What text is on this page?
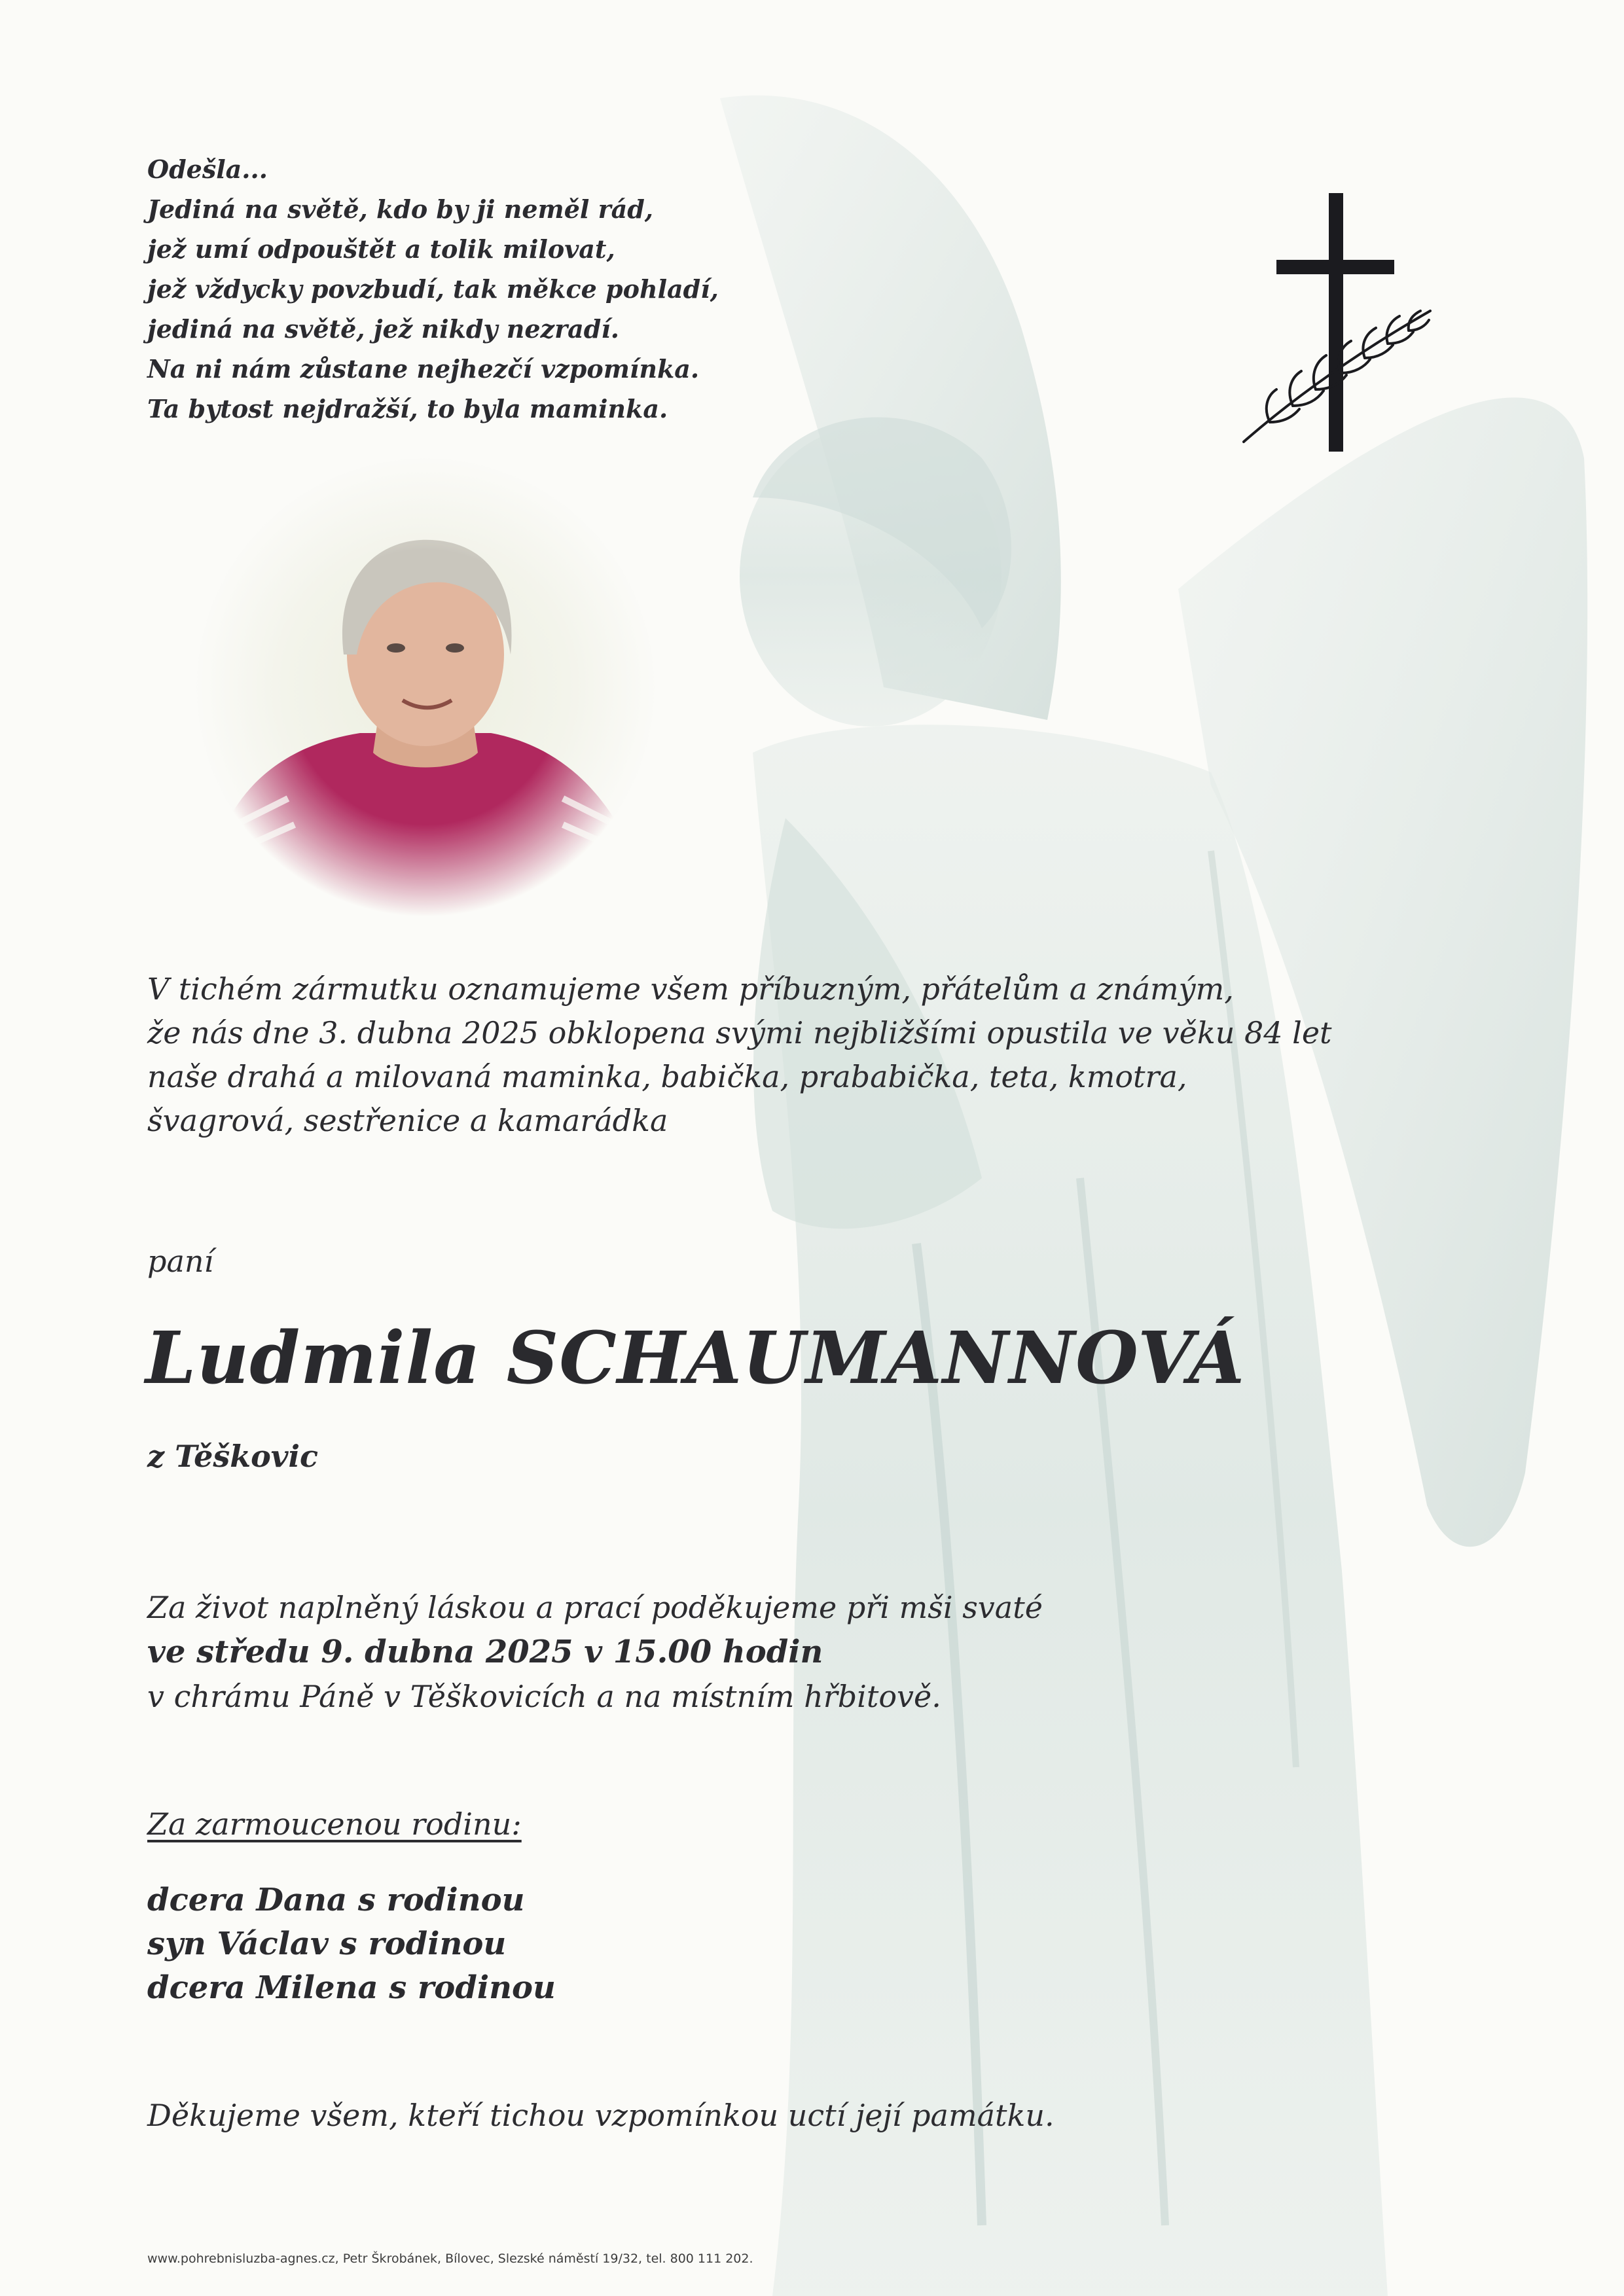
Odešla...
Jediná na světě, kdo by ji neměl rád,
jež umí odpouštět a tolik milovat,
jež vždycky povzbudí, tak měkce pohladí,
jediná na světě, jež nikdy nezradí.
Na ni nám zůstane nejhezčí vzpomínka.
Ta bytost nejdražší, to byla maminka.
V tichém zármutku oznamujeme všem příbuzným, přátelům a známým,
že nás dne 3. dubna 2025 obklopena svými nejbližšími opustila ve věku 84 let
naše drahá a milovaná maminka, babička, prababička, teta, kmotra,
švagrová, sestřenice a kamarádka
paní
Ludmila SCHAUMANNOVÁ
z Těškovic
Za život naplněný láskou a prací poděkujeme při mši svaté
ve středu 9. dubna 2025 v 15.00 hodin
v chrámu Páně v Těškovicích a na místním hřbitově.
Za zarmoucenou rodinu:
dcera Dana s rodinou
syn Václav s rodinou
dcera Milena s rodinou
Děkujeme všem, kteří tichou vzpomínkou uctí její památku.
www.pohrebnisluzba-agnes.cz, Petr Škrobánek, Bílovec, Slezské náměstí 19/32, tel. 800 111 202.
